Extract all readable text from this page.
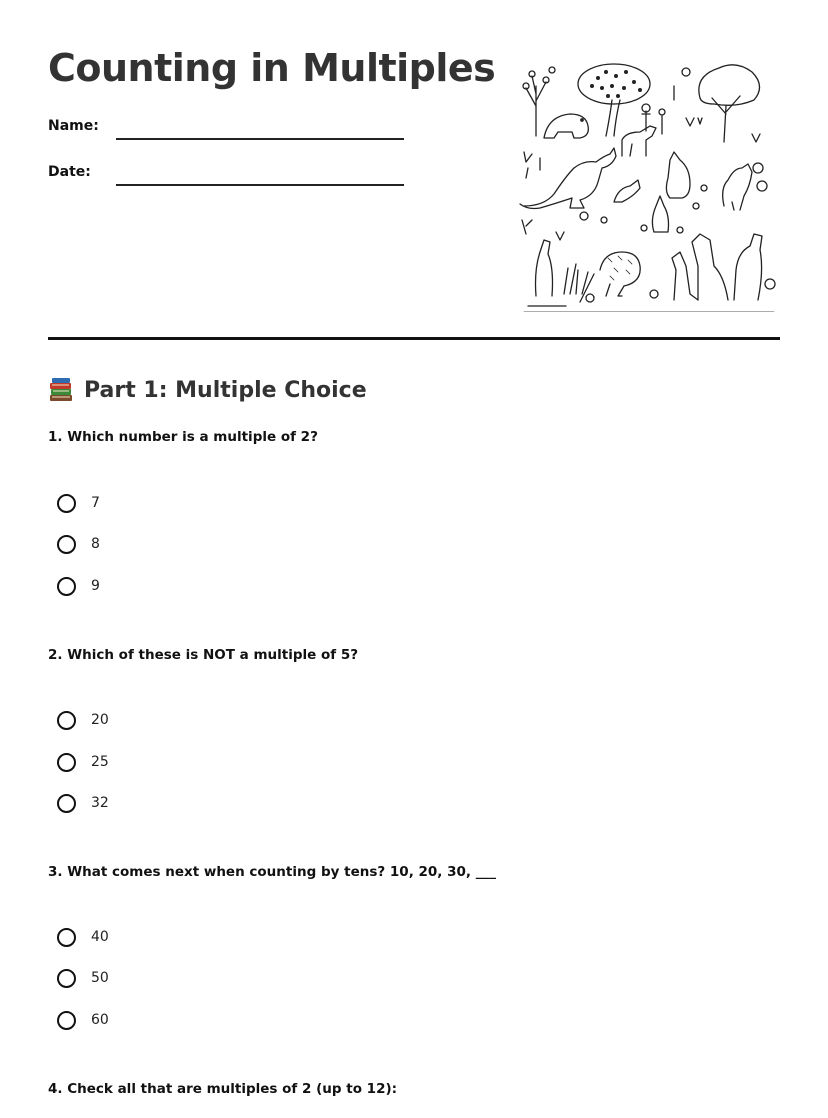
Counting in Multiples
Name:
Date:
Part 1: Multiple Choice
1. Which number is a multiple of 2?
7
8
9
2. Which of these is NOT a multiple of 5?
20
25
32
3. What comes next when counting by tens? 10, 20, 30, ___
40
50
60
4. Check all that are multiples of 2 (up to 12):
